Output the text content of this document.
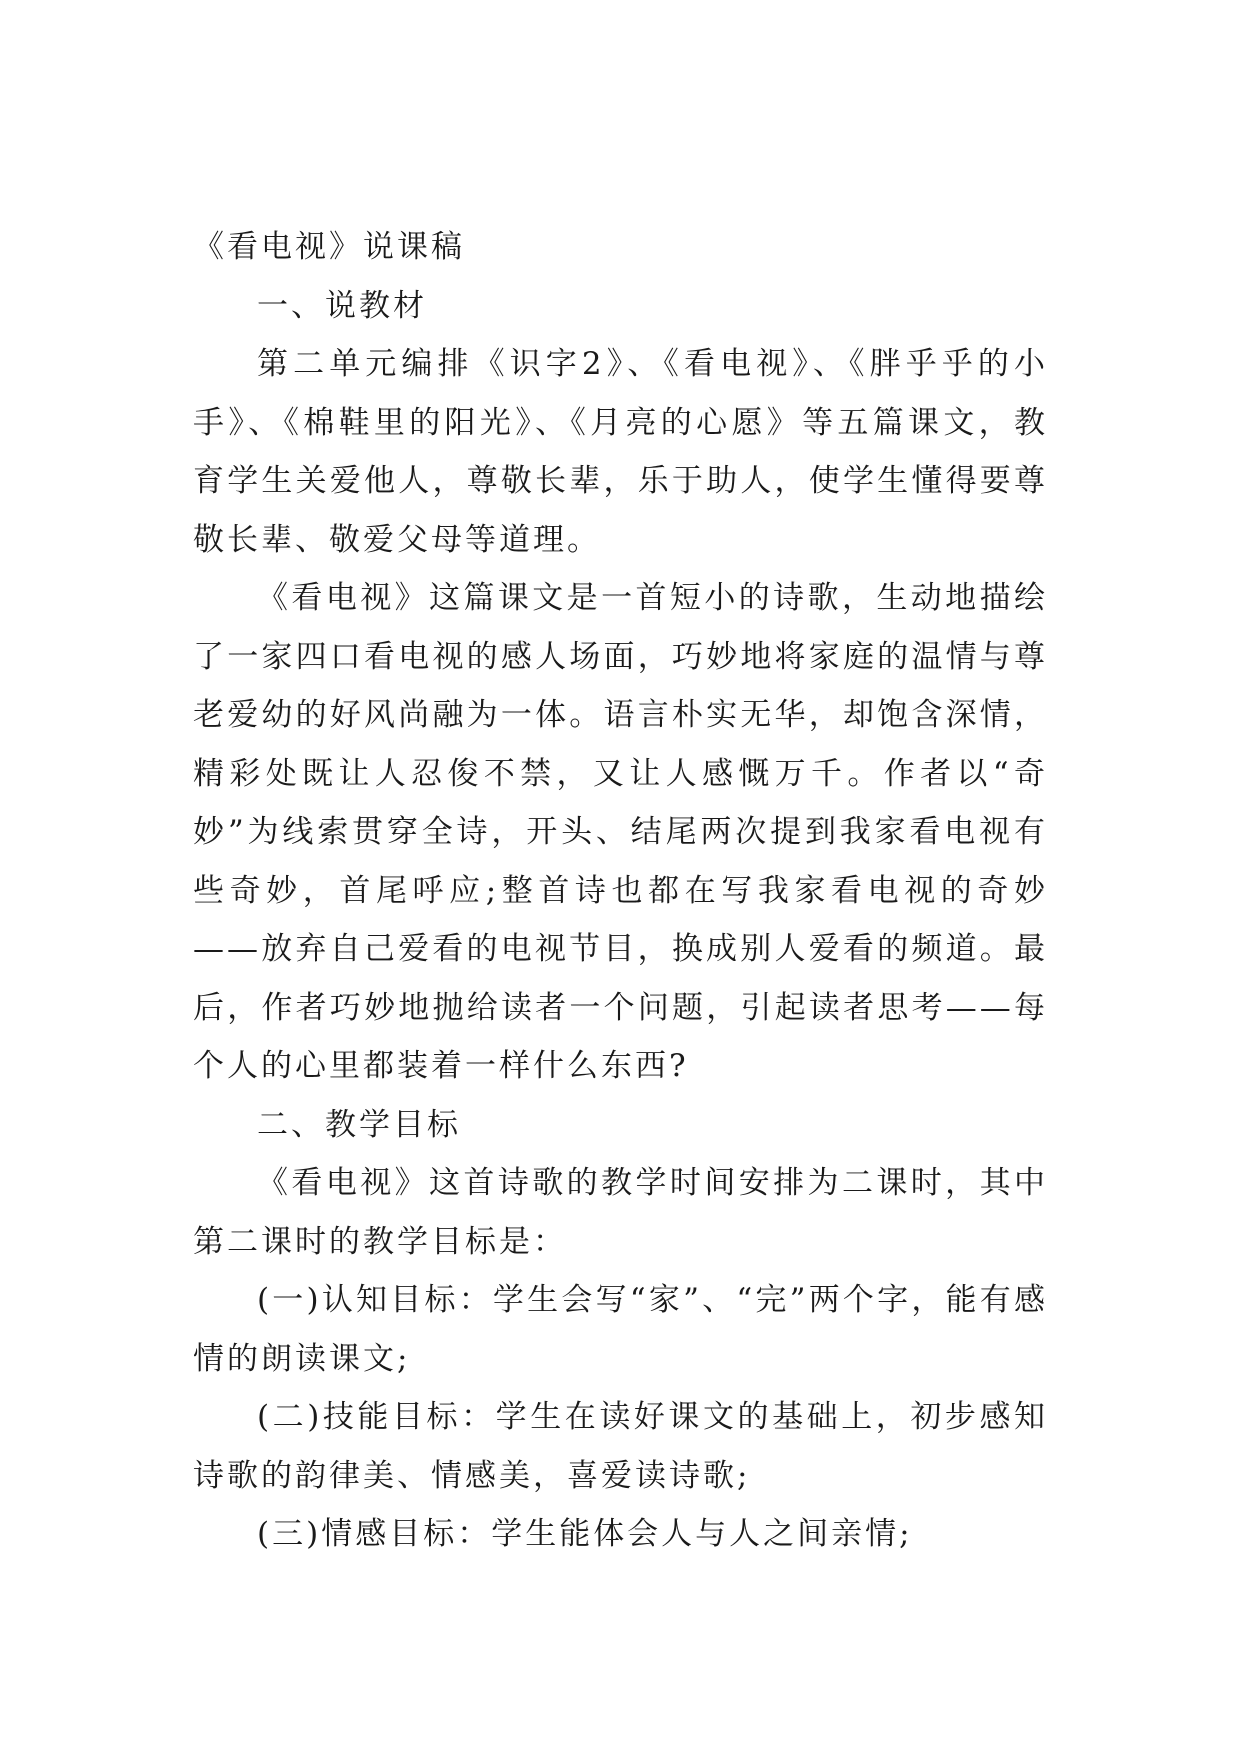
《看电视》说课稿

一、说教材

第二单元编排《识字2》、《看电视》、《胖乎乎的小手》、《棉鞋里的阳光》、《月亮的心愿》等五篇课文，教育学生关爱他人，尊敬长辈，乐于助人，使学生懂得要尊敬长辈、敬爱父母等道理。

《看电视》这篇课文是一首短小的诗歌，生动地描绘了一家四口看电视的感人场面，巧妙地将家庭的温情与尊老爱幼的好风尚融为一体。语言朴实无华，却饱含深情，精彩处既让人忍俊不禁，又让人感慨万千。作者以“奇妙”为线索贯穿全诗，开头、结尾两次提到我家看电视有些奇妙，首尾呼应;整首诗也都在写我家看电视的奇妙——放弃自己爱看的电视节目，换成别人爱看的频道。最后，作者巧妙地抛给读者一个问题，引起读者思考——每个人的心里都装着一样什么东西?

二、教学目标

《看电视》这首诗歌的教学时间安排为二课时，其中第二课时的教学目标是：

(一)认知目标：学生会写“家”、“完”两个字，能有感情的朗读课文;

(二)技能目标：学生在读好课文的基础上，初步感知诗歌的韵律美、情感美，喜爱读诗歌;

(三)情感目标：学生能体会人与人之间亲情;
